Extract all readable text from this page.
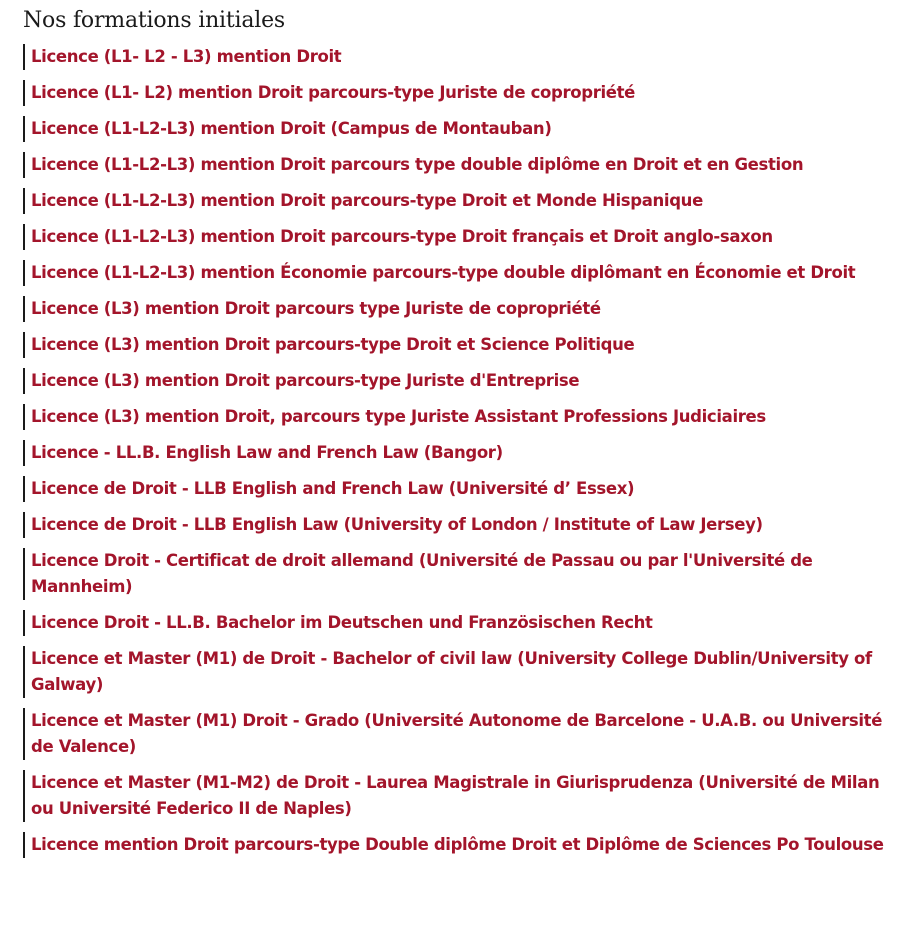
Nos formations initiales
Licence (L1- L2 - L3) mention Droit
Licence (L1- L2) mention Droit parcours-type Juriste de copropriété
Licence (L1-L2-L3) mention Droit (Campus de Montauban)
Licence (L1-L2-L3) mention Droit parcours type double diplôme en Droit et en Gestion
Licence (L1-L2-L3) mention Droit parcours-type Droit et Monde Hispanique
Licence (L1-L2-L3) mention Droit parcours-type Droit français et Droit anglo-saxon
Licence (L1-L2-L3) mention Économie parcours-type double diplômant en Économie et Droit
Licence (L3) mention Droit parcours type Juriste de copropriété
Licence (L3) mention Droit parcours-type Droit et Science Politique
Licence (L3) mention Droit parcours-type Juriste d'Entreprise
Licence (L3) mention Droit, parcours type Juriste Assistant Professions Judiciaires
Licence - LL.B. English Law and French Law (Bangor)
Licence de Droit - LLB English and French Law (Université d’ Essex)
Licence de Droit - LLB English Law (University of London / Institute of Law Jersey)
Licence Droit - Certificat de droit allemand (Université de Passau ou par l'Université de Mannheim)
Licence Droit - LL.B. Bachelor im Deutschen und Französischen Recht
Licence et Master (M1) de Droit - Bachelor of civil law (University College Dublin/University of Galway)
Licence et Master (M1) Droit - Grado (Université Autonome de Barcelone - U.A.B. ou Université de Valence)
Licence et Master (M1-M2) de Droit - Laurea Magistrale in Giurisprudenza (Université de Milan ou Université Federico II de Naples)
Licence mention Droit parcours-type Double diplôme Droit et Diplôme de Sciences Po Toulouse
